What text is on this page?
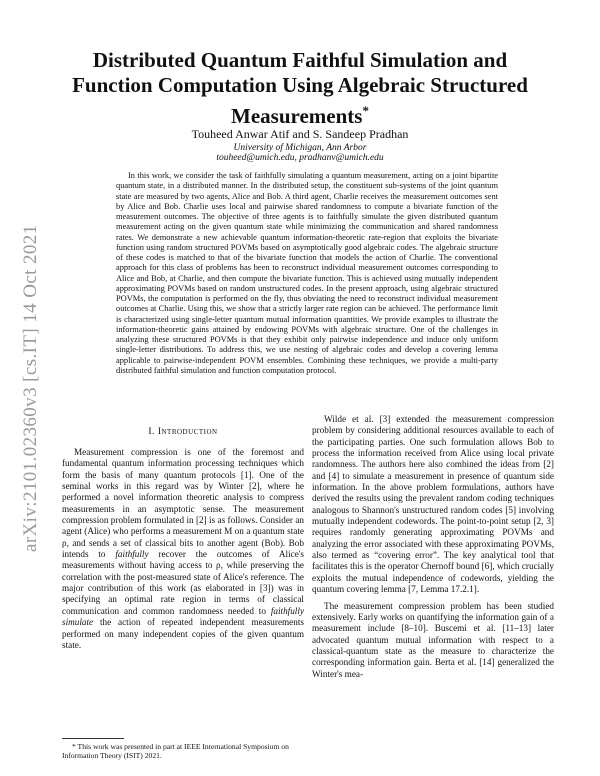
arXiv:2101.02360v3 [cs.IT] 14 Oct 2021
Distributed Quantum Faithful Simulation and Function Computation Using Algebraic Structured Measurements*
Touheed Anwar Atif and S. Sandeep Pradhan
University of Michigan, Ann Arbor
touheed@umich.edu, pradhanv@umich.edu

In this work, we consider the task of faithfully simulating a quantum measurement, acting on a joint bipartite quantum state, in a distributed manner. In the distributed setup, the constituent sub-systems of the joint quantum state are measured by two agents, Alice and Bob. A third agent, Charlie receives the measurement outcomes sent by Alice and Bob. Charlie uses local and pairwise shared randomness to compute a bivariate function of the measurement outcomes. The objective of three agents is to faithfully simulate the given distributed quantum measurement acting on the given quantum state while minimizing the communication and shared randomness rates. We demonstrate a new achievable quantum information-theoretic rate-region that exploits the bivariate function using random structured POVMs based on asymptotically good algebraic codes. The algebraic structure of these codes is matched to that of the bivariate function that models the action of Charlie. The conventional approach for this class of problems has been to reconstruct individual measurement outcomes corresponding to Alice and Bob, at Charlie, and then compute the bivariate function. This is achieved using mutually independent approximating POVMs based on random unstructured codes. In the present approach, using algebraic structured POVMs, the computation is performed on the fly, thus obviating the need to reconstruct individual measurement outcomes at Charlie. Using this, we show that a strictly larger rate region can be achieved. The performance limit is characterized using single-letter quantum mutual information quantities. We provide examples to illustrate the information-theoretic gains attained by endowing POVMs with algebraic structure. One of the challenges in analyzing these structured POVMs is that they exhibit only pairwise independence and induce only uniform single-letter distributions. To address this, we use nesting of algebraic codes and develop a covering lemma applicable to pairwise-independent POVM ensembles. Combining these techniques, we provide a multi-party distributed faithful simulation and function computation protocol.

I. Introduction

Measurement compression is one of the foremost and fundamental quantum information processing techniques which form the basis of many quantum protocols [1]. One of the seminal works in this regard was by Winter [2], where he performed a novel information theoretic analysis to compress measurements in an asymptotic sense. The measurement compression problem formulated in [2] is as follows. Consider an agent (Alice) who performs a measurement M on a quantum state ρ, and sends a set of classical bits to another agent (Bob). Bob intends to faithfully recover the outcomes of Alice's measurements without having access to ρ, while preserving the correlation with the post-measured state of Alice's reference. The major contribution of this work (as elaborated in [3]) was in specifying an optimal rate region in terms of classical communication and common randomness needed to faithfully simulate the action of repeated independent measurements performed on many independent copies of the given quantum state.

Wilde et al. [3] extended the measurement compression problem by considering additional resources available to each of the participating parties. One such formulation allows Bob to process the information received from Alice using local private randomness. The authors here also combined the ideas from [2] and [4] to simulate a measurement in presence of quantum side information. In the above problem formulations, authors have derived the results using the prevalent random coding techniques analogous to Shannon's unstructured random codes [5] involving mutually independent codewords. The point-to-point setup [2, 3] requires randomly generating approximating POVMs and analyzing the error associated with these approximating POVMs, also termed as “covering error”. The key analytical tool that facilitates this is the operator Chernoff bound [6], which crucially exploits the mutual independence of codewords, yielding the quantum covering lemma [7, Lemma 17.2.1].

The measurement compression problem has been studied extensively. Early works on quantifying the information gain of a measurement include [8–10]. Buscemi et al. [11–13] later advocated quantum mutual information with respect to a classical-quantum state as the measure to characterize the corresponding information gain. Berta et al. [14] generalized the Winter's mea-

* This work was presented in part at IEEE International Symposium on Information Theory (ISIT) 2021.
